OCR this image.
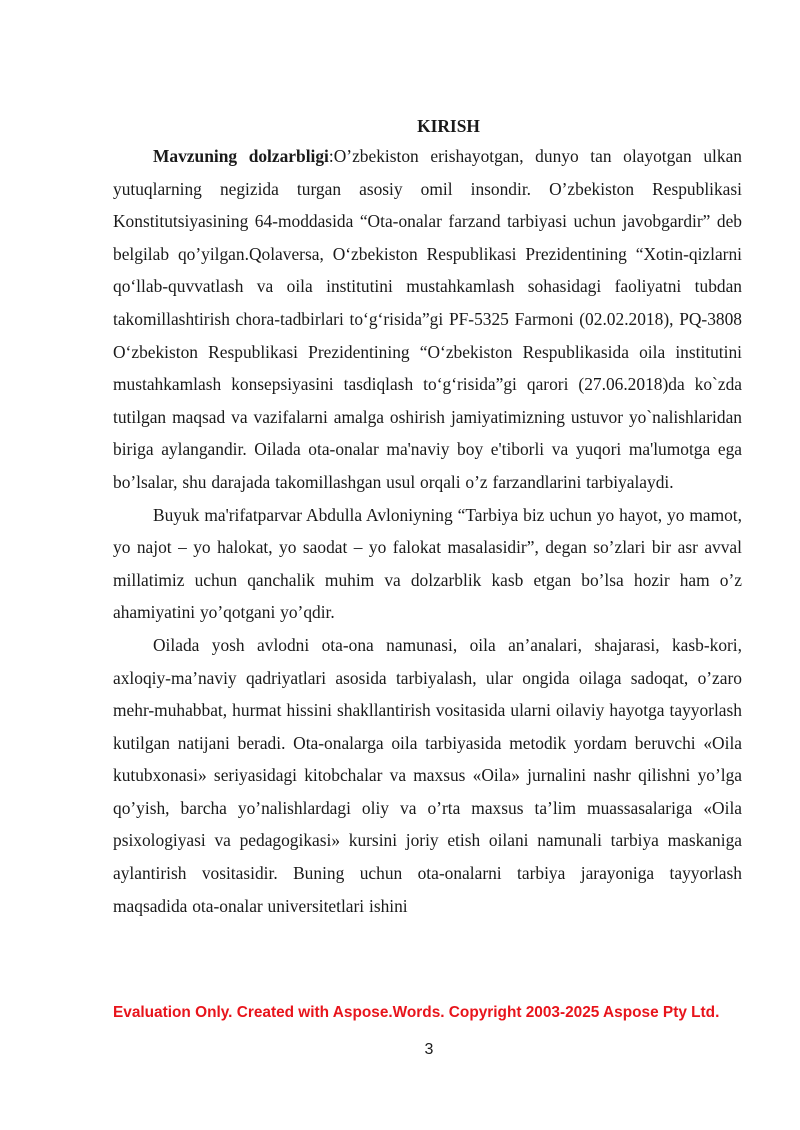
KIRISH

Mavzuning dolzarbligi:O’zbekiston erishayotgan, dunyo tan olayotgan ulkan yutuqlarning negizida turgan asosiy omil insondir. O’zbekiston Respublikasi Konstitutsiyasining 64-moddasida “Ota-onalar farzand tarbiyasi uchun javobgardir” deb belgilab qo’yilgan.Qolaversa, O‘zbekiston Respublikasi Prezidentining “Xotin-qizlarni qo‘llab-quvvatlash va oila institutini mustahkamlash sohasidagi faoliyatni tubdan takomillashtirish chora-tadbirlari to‘g‘risida”gi PF-5325 Farmoni (02.02.2018), PQ-3808 O‘zbekiston Respublikasi Prezidentining “O‘zbekiston Respublikasida oila institutini mustahkamlash konsepsiyasini tasdiqlash to‘g‘risida”gi qarori (27.06.2018)da ko`zda tutilgan maqsad va vazifalarni amalga oshirish jamiyatimizning ustuvor yo`nalishlaridan biriga aylangandir. Oilada ota-onalar ma'naviy boy e'tiborli va yuqori ma'lumotga ega bo’lsalar, shu darajada takomillashgan usul orqali o’z farzandlarini tarbiyalaydi.

Buyuk ma'rifatparvar Abdulla Avloniyning “Tarbiya biz uchun yo hayot, yo mamot, yo najot – yo halokat, yo saodat – yo falokat masalasidir”, degan so’zlari bir asr avval millatimiz uchun qanchalik muhim va dolzarblik kasb etgan bo’lsa hozir ham o’z ahamiyatini yo’qotgani yo’qdir.

Oilada yosh avlodni ota-ona namunasi, oila an’analari, shajarasi, kasb-kori, axloqiy-ma’naviy qadriyatlari asosida tarbiyalash, ular ongida oilaga sadoqat, o’zaro mehr-muhabbat, hurmat hissini shakllantirish vositasida ularni oilaviy hayotga tayyorlash kutilgan natijani beradi. Ota-onalarga oila tarbiyasida metodik yordam beruvchi «Oila kutubxonasi» seriyasidagi kitobchalar va maxsus «Oila» jurnalini nashr qilishni yo’lga qo’yish, barcha yo’nalishlardagi oliy va o’rta maxsus ta’lim muassasalariga «Oila psixologiyasi va pedagogikasi» kursini joriy etish oilani namunali tarbiya maskaniga aylantirish vositasidir. Buning uchun ota-onalarni tarbiya jarayoniga tayyorlash maqsadida ota-onalar universitetlari ishini

Evaluation Only. Created with Aspose.Words. Copyright 2003-2025 Aspose Pty Ltd.
3
